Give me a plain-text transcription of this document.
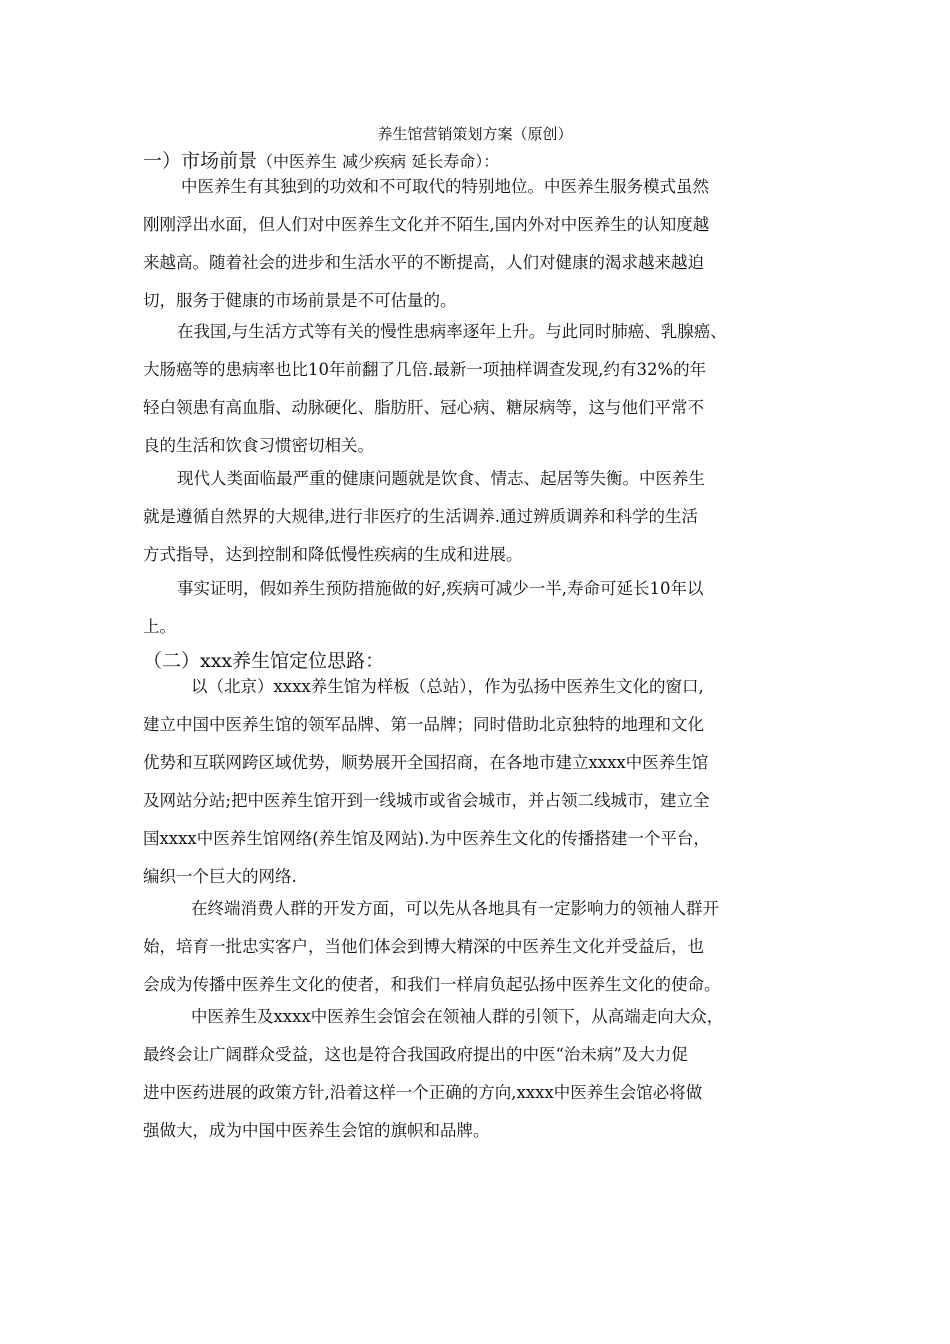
养生馆营销策划方案（原创）
一）市场前景（中医养生 减少疾病 延长寿命）：

中医养生有其独到的功效和不可取代的特别地位。中医养生服务模式虽然
刚刚浮出水面，但人们对中医养生文化并不陌生,国内外对中医养生的认知度越
来越高。随着社会的进步和生活水平的不断提高，人们对健康的渴求越来越迫
切，服务于健康的市场前景是不可估量的。

在我国,与生活方式等有关的慢性患病率逐年上升。与此同时肺癌、乳腺癌、
大肠癌等的患病率也比10年前翻了几倍.最新一项抽样调查发现,约有32%的年
轻白领患有高血脂、动脉硬化、脂肪肝、冠心病、糖尿病等，这与他们平常不
良的生活和饮食习惯密切相关。

现代人类面临最严重的健康问题就是饮食、情志、起居等失衡。中医养生
就是遵循自然界的大规律,进行非医疗的生活调养.通过辨质调养和科学的生活
方式指导，达到控制和降低慢性疾病的生成和进展。

事实证明，假如养生预防措施做的好,疾病可减少一半,寿命可延长10年以
上。

（二）xxx养生馆定位思路：

以（北京）xxxx养生馆为样板（总站），作为弘扬中医养生文化的窗口,
建立中国中医养生馆的领军品牌、第一品牌；同时借助北京独特的地理和文化
优势和互联网跨区域优势，顺势展开全国招商，在各地市建立xxxx中医养生馆
及网站分站;把中医养生馆开到一线城市或省会城市，并占领二线城市，建立全
国xxxx中医养生馆网络(养生馆及网站).为中医养生文化的传播搭建一个平台，
编织一个巨大的网络.

在终端消费人群的开发方面，可以先从各地具有一定影响力的领袖人群开
始，培育一批忠实客户，当他们体会到博大精深的中医养生文化并受益后，也
会成为传播中医养生文化的使者，和我们一样肩负起弘扬中医养生文化的使命。

中医养生及xxxx中医养生会馆会在领袖人群的引领下，从高端走向大众，
最终会让广阔群众受益，这也是符合我国政府提出的中医“治未病”及大力促
进中医药进展的政策方针,沿着这样一个正确的方向,xxxx中医养生会馆必将做
强做大，成为中国中医养生会馆的旗帜和品牌。
